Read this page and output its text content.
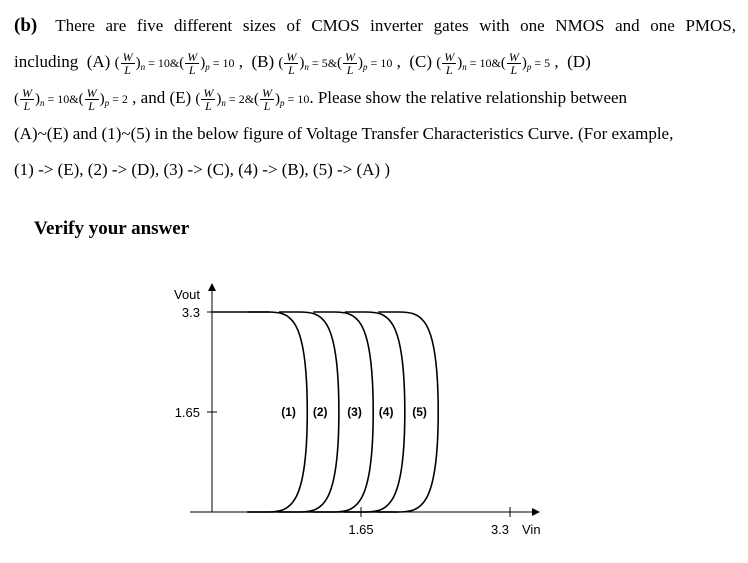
(b) There are five different sizes of CMOS inverter gates with one NMOS and one PMOS,
including (A) ( $\frac{W}{L} )_n$ = 10&( $\frac{W}{L} )_p = 10$ ,  (B) ( $\frac{W}{L} )_n$ = 5&( $\frac{W}{L} )_p = 10$ ,  (C) ( $\frac{W}{L} )_n$ = 10&( $\frac{W}{L} )_p = 5$ ,  (D)
( $\frac{W}{L} )_n$ = 10&( $\frac{W}{L} )_p = 2$ , and (E) ( $\frac{W}{L} )_n$ = 2&( $\frac{W}{L} )_p = 10$. Please show the relative relationship between
(A)~(E) and (1)~(5) in the below figure of Voltage Transfer Characteristics Curve. (For example,
(1) -> (E), (2) -> (D), (3) -> (C), (4) -> (B), (5) -> (A) )
Verify your answer
Vout
Vin
3.3
1.65
1.65	3.3
(1) (2) (3) (4) (5)
